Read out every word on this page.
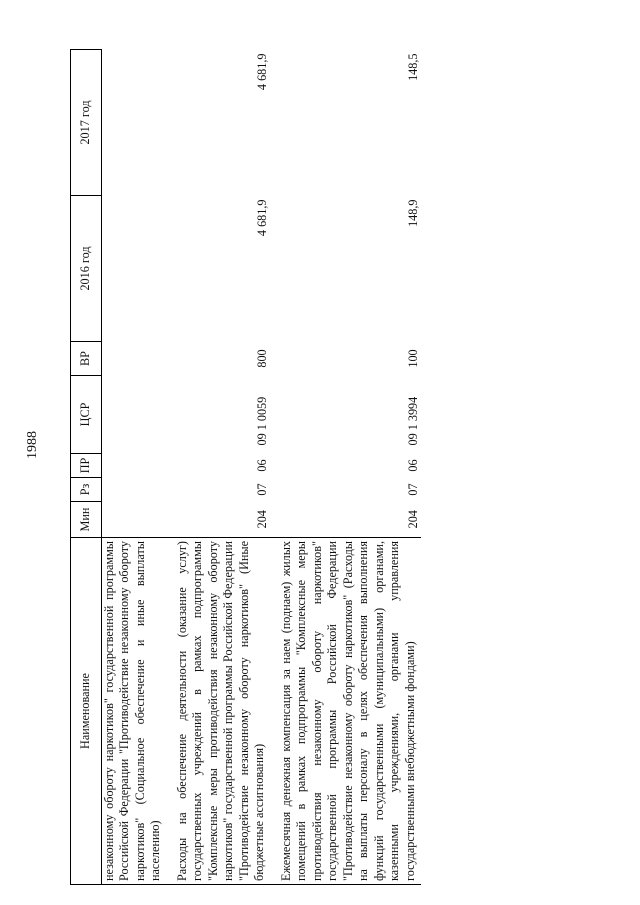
1988
Наименование	Мин	Рз	ПР	ЦСР	ВР	2016 год	2017 год
незаконному обороту наркотиков" государственной программы Российской Федерации "Противодействие незаконному обороту наркотиков" (Социальное обеспечение и иные выплаты населению)							
Расходы на обеспечение деятельности (оказание услуг) государственных учреждений в рамках подпрограммы "Комплексные меры противодействия незаконному обороту наркотиков" государственной программы Российской Федерации "Противодействие незаконному обороту наркотиков" (Иные бюджетные ассигнования)	204	07	06	09 1 0059	800	4 681,9	4 681,9
Ежемесячная денежная компенсация за наем (поднаем) жилых помещений в рамках подпрограммы "Комплексные меры противодействия незаконному обороту наркотиков" государственной программы Российской Федерации "Противодействие незаконному обороту наркотиков" (Расходы на выплаты персоналу в целях обеспечения выполнения функций государственными (муниципальными) органами, казенными учреждениями, органами управления государственными внебюджетными фондами)	204	07	06	09 1 3994	100	148,9	148,5
